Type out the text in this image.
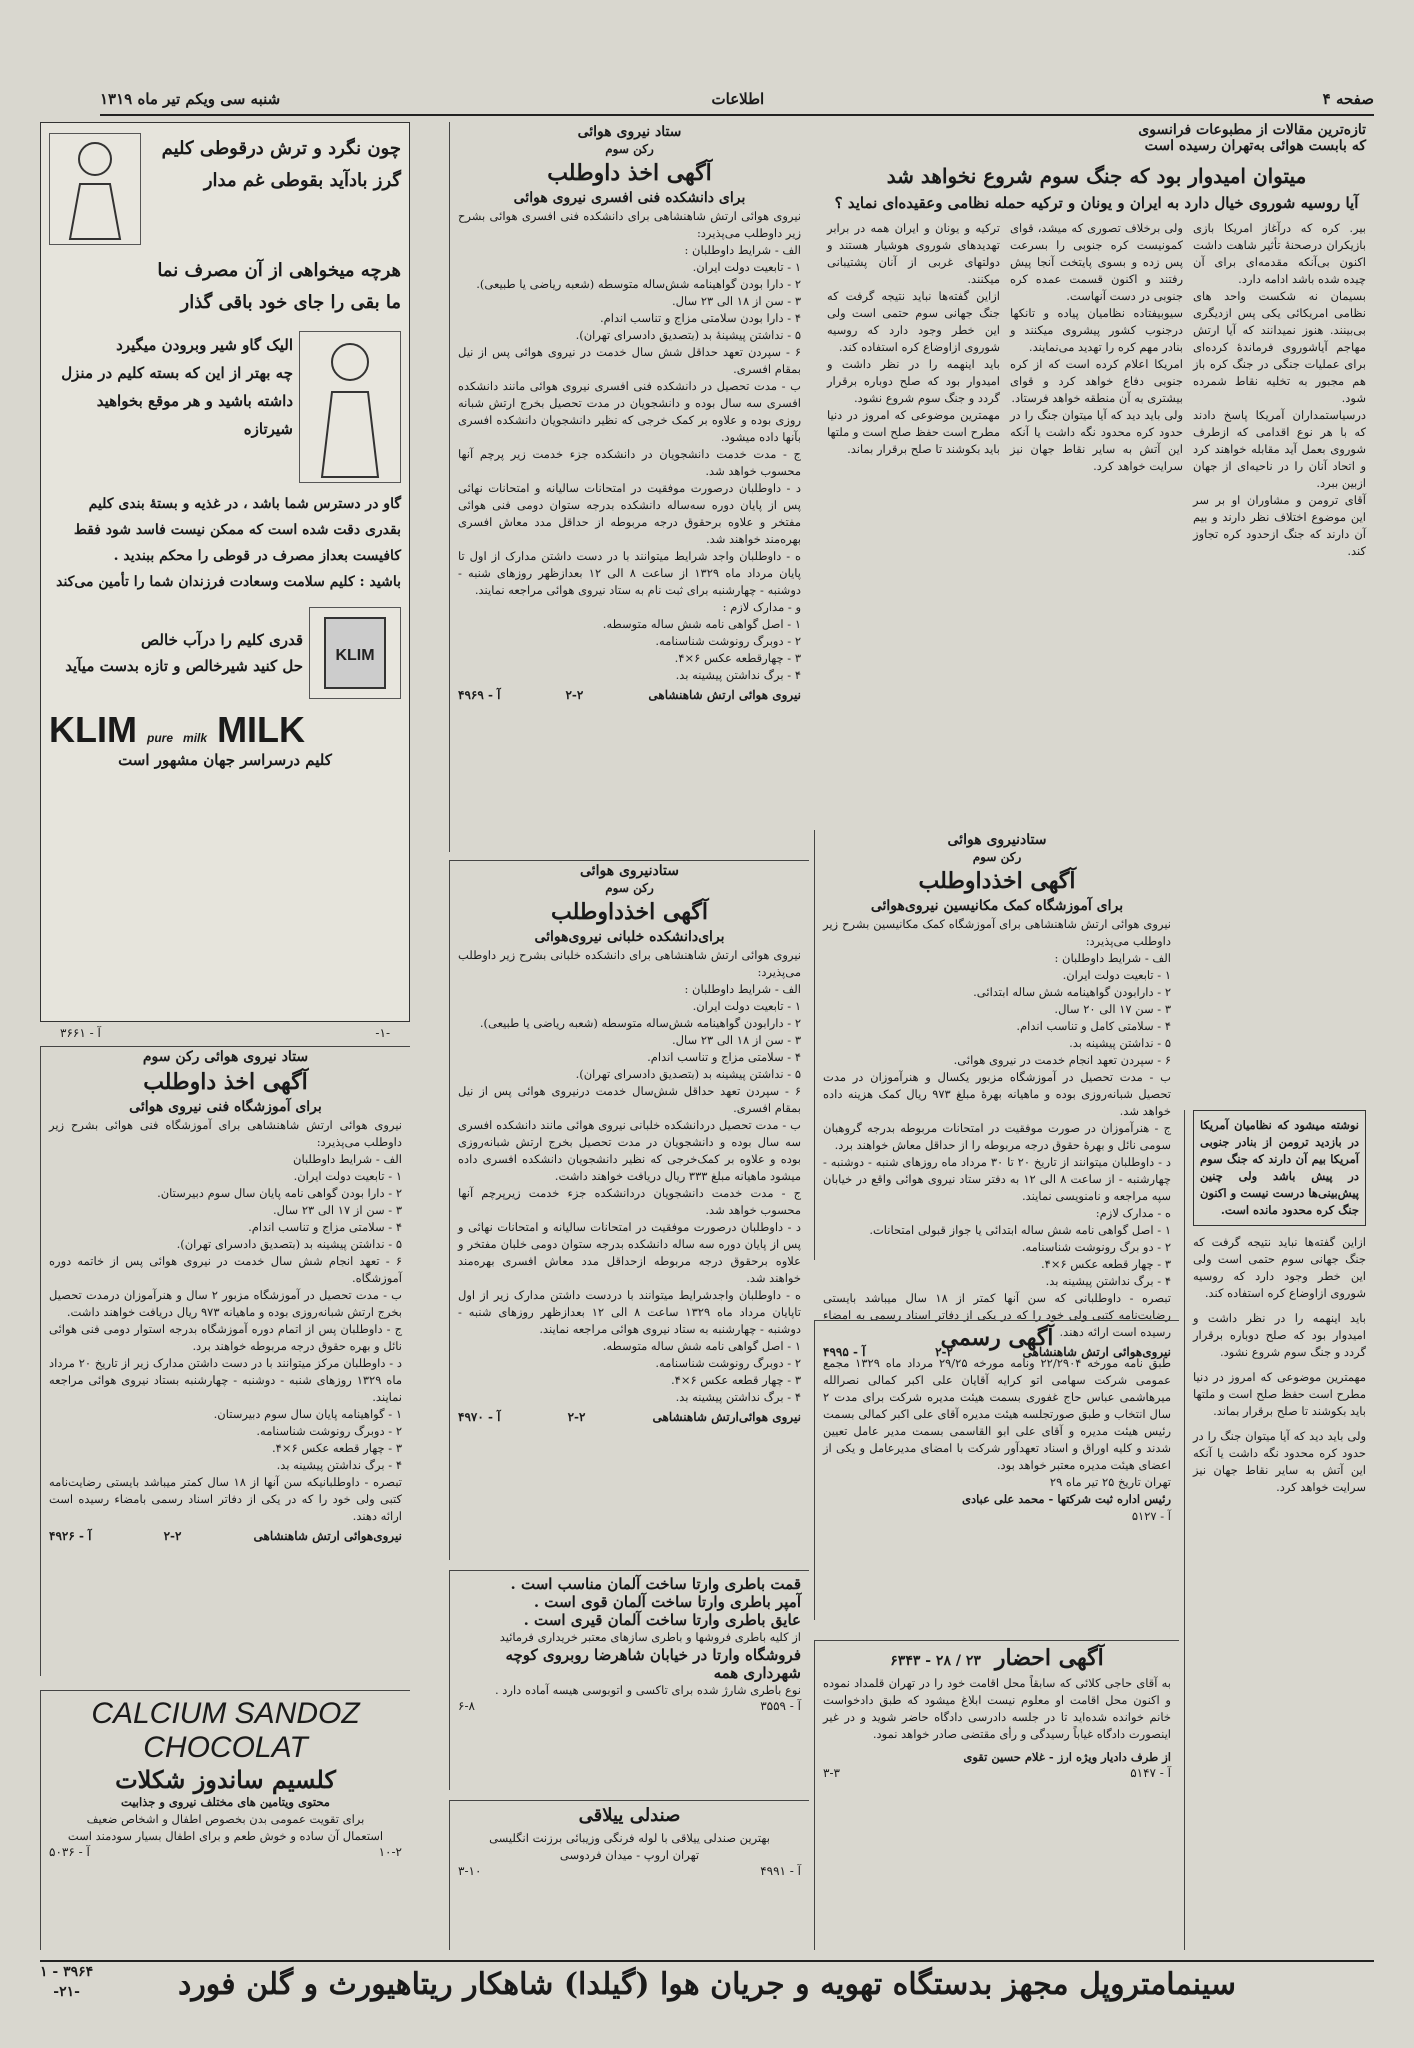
شنبه سی ویکم تیر ماه ۱۳۱۹	اطلاعات	صفحه ۴
تازه‌ترین مقالات از مطبوعات فرانسوی
که بابست هوائی به‌تهران رسیده است
میتوان امیدوار بود که جنگ سوم شروع نخواهد شد
آیا روسیه شوروی خیال دارد به ایران و یونان و ترکیه حمله نظامی وعقیده‌ای نماید ؟

بیر. کره که درآغاز امریکا بازی بازیکران درصحنهٔ تأثیر شاهت داشت اکنون بی‌آنکه مقدمه‌ای برای آن چیده شده باشد ادامه دارد.

بسیمان نه شکست واحد هاى نظامی امریکائی یکی پس ازدیگری بی‌بینند. هنوز نمیدانند که آیا ارتش مهاجم آیاشوروی فرماندهٔ کرده‌ای برای عملیات جنگی در جنگ کره باز هم مجبور به تخلیه نقاط شمرده شود.

درسیاستمداران آمریکا پاسخ دادند که با هر نوع اقدامی که ازطرف شوروی بعمل آید مقابله خواهند کرد و اتحاد آنان را در ناحیه‌ای از جهان ازبین ببرد.

آقای ترومن و مشاوران او بر سر این موضوع اختلاف نظر دارند و بیم آن دارند که جنگ ازحدود کره تجاوز کند.

ولی برخلاف تصوری که میشد، قوای کمونیست کره جنوبی را بسرعت پس زده و بسوی پایتخت آنجا پیش رفتند و اکنون قسمت عمده کره جنوبی در دست آنهاست.

سیوبیفتاده نظامیان پیاده و تانکها درجنوب کشور پیشروی میکنند و بنادر مهم کره را تهدید می‌نمایند.

امریکا اعلام کرده است که از کره جنوبی دفاع خواهد کرد و قوای بیشتری به آن منطقه خواهد فرستاد.

ولی باید دید که آیا میتوان جنگ را در حدود کره محدود نگه داشت یا آنکه این آتش به سایر نقاط جهان نیز سرایت خواهد کرد.

ترکیه و یونان و ایران همه در برابر تهدیدهای شوروی هوشیار هستند و دولتهای غربی از آنان پشتیبانی میکنند.

ازاین گفته‌ها نباید نتیجه گرفت که جنگ جهانی سوم حتمی است ولی این خطر وجود دارد که روسیه شوروی ازاوضاع کره استفاده کند.

باید اینهمه را در نظر داشت و امیدوار بود که صلح دوباره برقرار گردد و جنگ سوم شروع نشود.

مهمترین موضوعی که امروز در دنیا مطرح است حفظ صلح است و ملتها باید بکوشند تا صلح برقرار بماند.

نوشته میشود که نظامیان آمریکا در بازدید ترومن از بنادر جنوبی آمریکا بیم آن دارند که جنگ سوم در پیش باشد ولی چنین پیش‌بینی‌ها درست نیست و اکنون جنگ کره محدود مانده است.
ازاین گفته‌ها نباید نتیجه گرفت که جنگ جهانی سوم حتمی است ولی این خطر وجود دارد که روسیه شوروی ازاوضاع کره استفاده کند.
باید اینهمه را در نظر داشت و امیدوار بود که صلح دوباره برقرار گردد و جنگ سوم شروع نشود.
مهمترین موضوعی که امروز در دنیا مطرح است حفظ صلح است و ملتها باید بکوشند تا صلح برقرار بماند.
ولی باید دید که آیا میتوان جنگ را در حدود کره محدود نگه داشت یا آنکه این آتش به سایر نقاط جهان نیز سرایت خواهد کرد.
ستادنیروی هوائی
رکن سوم
آگهی اخذداوطلب
برای آموزشگاه کمک مکانیسین نیروی‌هوائی
نیروی هوائی ارتش شاهنشاهی برای آموزشگاه کمک مکانیسین بشرح زیر داوطلب می‌پذیرد:
الف - شرایط داوطلبان :
۱ - تابعیت دولت ایران.
۲ - دارابودن گواهینامه شش ساله ابتدائی.
۳ - سن ۱۷ الی ۲۰ سال.
۴ - سلامتی کامل و تناسب اندام.
۵ - نداشتن پیشینه بد.
۶ - سپردن تعهد انجام خدمت در نیروی هوائی.
ب - مدت تحصیل در آموزشگاه مزبور یکسال و هنرآموزان در مدت تحصیل شبانه‌روزی بوده و ماهیانه بهرهٔ مبلغ ۹۷۳ ریال کمک هزینه داده خواهد شد.
ج - هنرآموزان در صورت موفقیت در امتحانات مربوطه بدرجه گروهبان سومی نائل و بهرهٔ حقوق درجه مربوطه را از حداقل معاش خواهند برد.
د - داوطلبان میتوانند از تاریخ ۲۰ تا ۳۰ مرداد ماه روزهای شنبه - دوشنبه - چهارشنبه - از ساعت ۸ الی ۱۲ به دفتر ستاد نیروی هوائی واقع در خیابان سپه مراجعه و نامنویسی نمایند.
ه - مدارک لازم:
۱ - اصل گواهی نامه شش ساله ابتدائی یا جواز قبولی امتحانات.
۲ - دو برگ رونوشت شناسنامه.
۳ - چهار قطعه عکس ۶×۴.
۴ - برگ نداشتن پیشینه بد.
تبصره - داوطلبانی که سن آنها کمتر از ۱۸ سال میباشد بایستی رضایت‌نامه کتبی ولی خود را که در یکی از دفاتر اسناد رسمی به امضاء رسیده است ارائه دهند.
نیروی‌هوائی ارتش شاهنشاهی
۲-۲
آ - ۴۹۹۵
آگهی رسمی
طبق نامه مورخه ۲۲/۲۹۰۴ ونامه مورخه ۲۹/۲۵ مرداد ماه ۱۳۲۹ مجمع عمومی شرکت سهامی اتو کرایه آقایان علی اکبر کمالی نصرالله میرهاشمی عباس حاج غفوری بسمت هیئت مدیره شرکت برای مدت ۲ سال انتخاب و طبق صورتجلسه هیئت مدیره آقای علی اکبر کمالی بسمت رئیس هیئت مدیره و آقای علی ابو القاسمی بسمت مدیر عامل تعیین شدند و کلیه اوراق و اسناد تعهدآور شرکت با امضای مدیرعامل و یکی از اعضای هیئت مدیره معتبر خواهد بود.
تهران تاریخ ۲۵ تیر ماه ۲۹
رئیس اداره ثبت شرکتها - محمد علی عبادی
آ - ۵۱۲۷
آگهی احضار
۲۳ / ۲۸ - ۶۳۴۳
به آقای حاجی کلائی که سابقاً محل اقامت خود را در تهران قلمداد نموده و اکنون محل اقامت او معلوم نیست ابلاغ میشود که طبق دادخواست خانم خوانده شده‌اید تا در جلسه دادرسی دادگاه حاضر شوید و در غیر اینصورت دادگاه غیاباً رسیدگی و رأی مقتضی صادر خواهد نمود.
از طرف دادیار ویژه ارز - غلام حسین تقوی
آ - ۵۱۴۷
۳-۳
ستاد نیروی هوائی
رکن سوم
آگهی اخذ داوطلب
برای دانشکده فنی افسری نیروی هوائی
نیروی هوائی ارتش شاهنشاهی برای دانشکده فنی افسری هوائی بشرح زیر داوطلب می‌پذیرد:
الف - شرایط داوطلبان :
۱ - تابعیت دولت ایران.
۲ - دارا بودن گواهینامه شش‌ساله متوسطه (شعبه ریاضی یا طبیعی).
۳ - سن از ۱۸ الی ۲۳ سال.
۴ - دارا بودن سلامتی مزاج و تناسب اندام.
۵ - نداشتن پیشینهٔ بد (بتصدیق دادسرای تهران).
۶ - سپردن تعهد حداقل شش سال خدمت در نیروی هوائی پس از نیل بمقام افسری.
ب - مدت تحصیل در دانشکده فنی افسری نیروی هوائی مانند دانشکده افسری سه سال بوده و دانشجویان در مدت تحصیل بخرج ارتش شبانه روزی بوده و علاوه بر کمک خرجی که نظیر دانشجویان دانشکده افسری بآنها داده میشود.
ج - مدت خدمت دانشجویان در دانشکده جزء خدمت زیر پرچم آنها محسوب خواهد شد.
د - داوطلبان درصورت موفقیت در امتحانات سالیانه و امتحانات نهائی پس از پایان دوره سه‌ساله دانشکده بدرجه ستوان دومی فنی هوائی مفتخر و علاوه برحقوق درجه مربوطه از حداقل مدد معاش افسری بهره‌مند خواهند شد.
ه - داوطلبان واجد شرایط میتوانند با در دست داشتن مدارک از اول تا پایان مرداد ماه ۱۳۲۹ از ساعت ۸ الی ۱۲ بعدازظهر روزهای شنبه - دوشنبه - چهارشنبه برای ثبت نام به ستاد نیروی هوائی مراجعه نمایند.
و - مدارک لازم :
۱ - اصل گواهی نامه شش ساله متوسطه.
۲ - دوبرگ رونوشت شناسنامه.
۳ - چهارقطعه عکس ۶×۴.
۴ - برگ نداشتن پیشینه بد.
نیروی هوائی ارتش شاهنشاهی
۲-۲
آ - ۴۹۶۹
ستادنیروی هوائی
رکن سوم
آگهی اخذداوطلب
برای‌دانشکده خلبانی نیروی‌هوائی
نیروی هوائی ارتش شاهنشاهی برای دانشکده خلبانی بشرح زیر داوطلب می‌پذیرد:
الف - شرایط داوطلبان :
۱ - تابعیت دولت ایران.
۲ - دارابودن گواهینامه شش‌ساله متوسطه (شعبه ریاضی یا طبیعی).
۳ - سن از ۱۸ الی ۲۳ سال.
۴ - سلامتی مزاج و تناسب اندام.
۵ - نداشتن پیشینه بد (بتصدیق دادسرای تهران).
۶ - سپردن تعهد حداقل شش‌سال خدمت درنیروی هوائی پس از نیل بمقام افسری.
ب - مدت تحصیل دردانشکده خلبانی نیروی هوائی مانند دانشکده افسری سه سال بوده و دانشجویان در مدت تحصیل بخرج ارتش شبانه‌روزی بوده و علاوه بر کمک‌خرجی که نظیر دانشجویان دانشکده افسری داده میشود ماهیانه مبلغ ۳۳۳ ریال دریافت خواهند داشت.
ج - مدت خدمت دانشجویان دردانشکده جزء خدمت زیرپرچم آنها محسوب خواهد شد.
د - داوطلبان درصورت موفقیت در امتحانات سالیانه و امتحانات نهائی و پس از پایان دوره سه ساله دانشکده بدرجه ستوان دومی خلبان مفتخر و علاوه برحقوق درجه مربوطه ازحداقل مدد معاش افسری بهره‌مند خواهند شد.
ه - داوطلبان واجدشرایط میتوانند با دردست داشتن مدارک زیر از اول تاپایان مرداد ماه ۱۳۲۹ ساعت ۸ الی ۱۲ بعدازظهر روزهای شنبه - دوشنبه - چهارشنبه به ستاد نیروی هوائی مراجعه نمایند.
۱ - اصل گواهی نامه شش ساله متوسطه.
۲ - دوبرگ رونوشت شناسنامه.
۳ - چهار قطعه عکس ۶×۴.
۴ - برگ نداشتن پیشینه بد.
نیروی هوائی‌ارتش شاهنشاهی
۲-۲
آ - ۴۹۷۰
قمت باطری وارتا ساخت آلمان مناسب است .
آمپر باطری وارتا ساخت آلمان قوی است .
عایق باطری وارتا ساخت آلمان قیری است .
از کلیه باطری فروشها و باطری سازهای معتبر خریداری فرمائید
فروشگاه وارتا در خیابان شاهرضا روبروی کوچه شهرداری همه
نوع باطری شارژ شده برای تاکسی و اتوبوسی هیسه آماده دارد .
آ - ۳۵۵۹
۶-۸
صندلی ییلاقی
بهترین صندلی ییلاقی با لوله فرنگی وزیبائی برزنت انگلیسی
تهران اروپ - میدان فردوسی
آ - ۴۹۹۱
۳-۱۰
چون نگرد و ترش درقوطی کلیم
گرز بادآید بقوطی غم مدار
هرچه میخواهی از آن مصرف نما
ما بقی را جای خود باقی گذار
الیک گاو شیر وبرودن میگیرد
چه بهتر از این که بسته کلیم در منزل
داشته باشید و هر موقع بخواهید شیرتازه
گاو در دسترس شما باشد ، در غذیه و بستهٔ بندی کلیم
بقدری دقت شده است که ممکن نیست فاسد شود فقط
کافیست بعداز مصرف در قوطی را محکم ببندید .
باشید : کلیم سلامت وسعادت فرزندان شما را تأمین می‌کند
KLIM
قدری کلیم را درآب خالص
حل کنید شیرخالص و تازه بدست میآید
KLIM pure milk MILK
کلیم درسراسر جهان مشهور است
-۱-
آ - ۳۶۶۱
ستاد نیروی هوائی رکن سوم
آگهی اخذ داوطلب
برای آموزشگاه فنی نیروی هوائی
نیروی هوائی ارتش شاهنشاهی برای آموزشگاه فنی هوائی بشرح زیر داوطلب می‌پذیرد:
الف - شرایط داوطلبان
۱ - تابعیت دولت ایران.
۲ - دارا بودن گواهی نامه پایان سال سوم دبیرستان.
۳ - سن از ۱۷ الی ۲۳ سال.
۴ - سلامتی مزاج و تناسب اندام.
۵ - نداشتن پیشینه بد (بتصدیق دادسرای تهران).
۶ - تعهد انجام شش سال خدمت در نیروی هوائی پس از خاتمه دوره آموزشگاه.
ب - مدت تحصیل در آموزشگاه مزبور ۲ سال و هنرآموزان درمدت تحصیل بخرج ارتش شبانه‌روزی بوده و ماهیانه ۹۷۳ ریال دریافت خواهند داشت.
ج - داوطلبان پس از اتمام دوره آموزشگاه بدرجه استوار دومی فنی هوائی نائل و بهره حقوق درجه مربوطه خواهند برد.
د - داوطلبان مرکز میتوانند با در دست داشتن مدارک زیر از تاریخ ۲۰ مرداد ماه ۱۳۲۹ روزهای شنبه - دوشنبه - چهارشنبه بستاد نیروی هوائی مراجعه نمایند.
۱ - گواهینامه پایان سال سوم دبیرستان.
۲ - دوبرگ رونوشت شناسنامه.
۳ - چهار قطعه عکس ۶×۴.
۴ - برگ نداشتن پیشینه بد.
تبصره - داوطلبانیکه سن آنها از ۱۸ سال کمتر میباشد بایستی رضایت‌نامه کتبی ولی خود را که در یکی از دفاتر اسناد رسمی بامضاء رسیده است ارائه دهند.
نیروی‌هوائی ارتش شاهنشاهی
۲-۲
آ - ۴۹۲۶
CALCIUM SANDOZ
CHOCOLAT
کلسیم ساندوز شکلات
محتوی ویتامین های مختلف نیروی و جذابیت
برای تقویت عمومی بدن بخصوص اطفال و اشخاص ضعیف
استعمال آن ساده و خوش طعم و برای اطفال بسیار سودمند است
۱۰-۲
آ - ۵۰۳۶
سینمامتروپل مجهز بدستگاه تهویه و جریان هوا (گیلدا) شاهکار ریتاهیورث و گلن فورد
۳۹۶۴ - ۱
-۲۱-
